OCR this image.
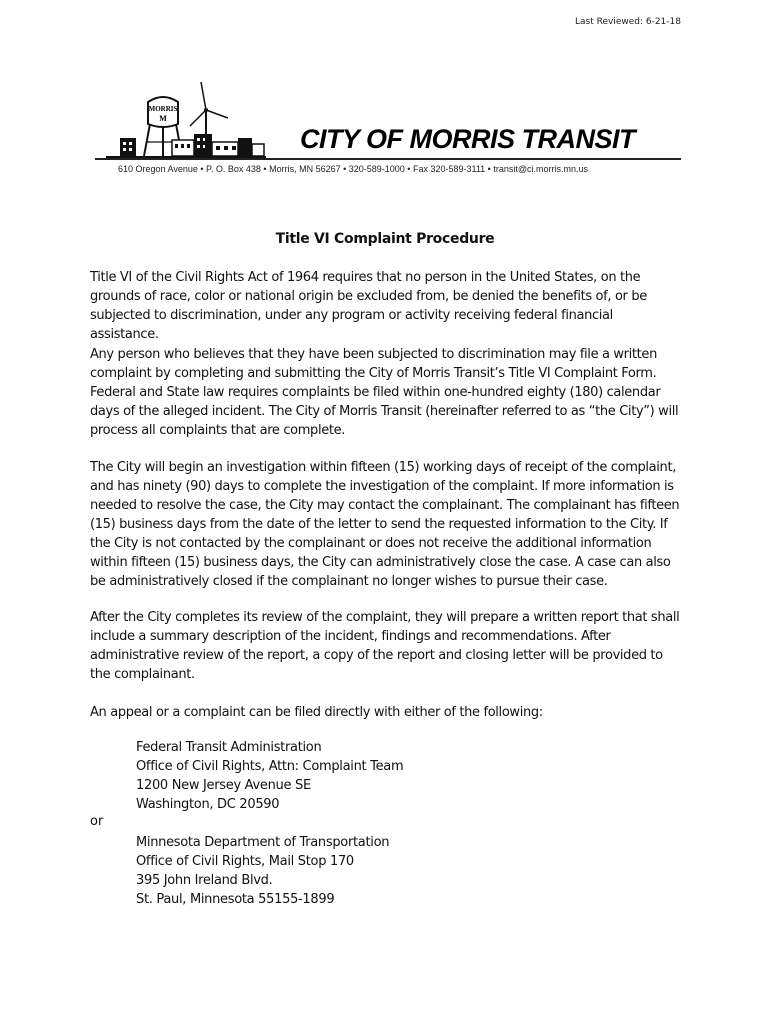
Last Reviewed: 6-21-18
MORRIS
M
CITY OF MORRIS TRANSIT
610 Oregon Avenue • P. O. Box 438 • Morris, MN 56267 • 320-589-1000 • Fax 320-589-3111 • transit@ci.morris.mn.us
Title VI Complaint Procedure

Title VI of the Civil Rights Act of 1964 requires that no person in the United States, on the grounds of race, color or national origin be excluded from, be denied the benefits of, or be subjected to discrimination, under any program or activity receiving federal financial assistance.

Any person who believes that they have been subjected to discrimination may file a written complaint by completing and submitting the City of Morris Transit’s Title VI Complaint Form. Federal and State law requires complaints be filed within one-hundred eighty (180) calendar days of the alleged incident. The City of Morris Transit (hereinafter referred to as “the City”) will process all complaints that are complete.

The City will begin an investigation within fifteen (15) working days of receipt of the complaint, and has ninety (90) days to complete the investigation of the complaint. If more information is needed to resolve the case, the City may contact the complainant. The complainant has fifteen (15) business days from the date of the letter to send the requested information to the City. If the City is not contacted by the complainant or does not receive the additional information within fifteen (15) business days, the City can administratively close the case. A case can also be administratively closed if the complainant no longer wishes to pursue their case.

After the City completes its review of the complaint, they will prepare a written report that shall include a summary description of the incident, findings and recommendations. After administrative review of the report, a copy of the report and closing letter will be provided to the complainant.

An appeal or a complaint can be filed directly with either of the following:

Federal Transit Administration
Office of Civil Rights, Attn: Complaint Team
1200 New Jersey Avenue SE
Washington, DC 20590
or
Minnesota Department of Transportation
Office of Civil Rights, Mail Stop 170
395 John Ireland Blvd.
St. Paul, Minnesota 55155-1899
